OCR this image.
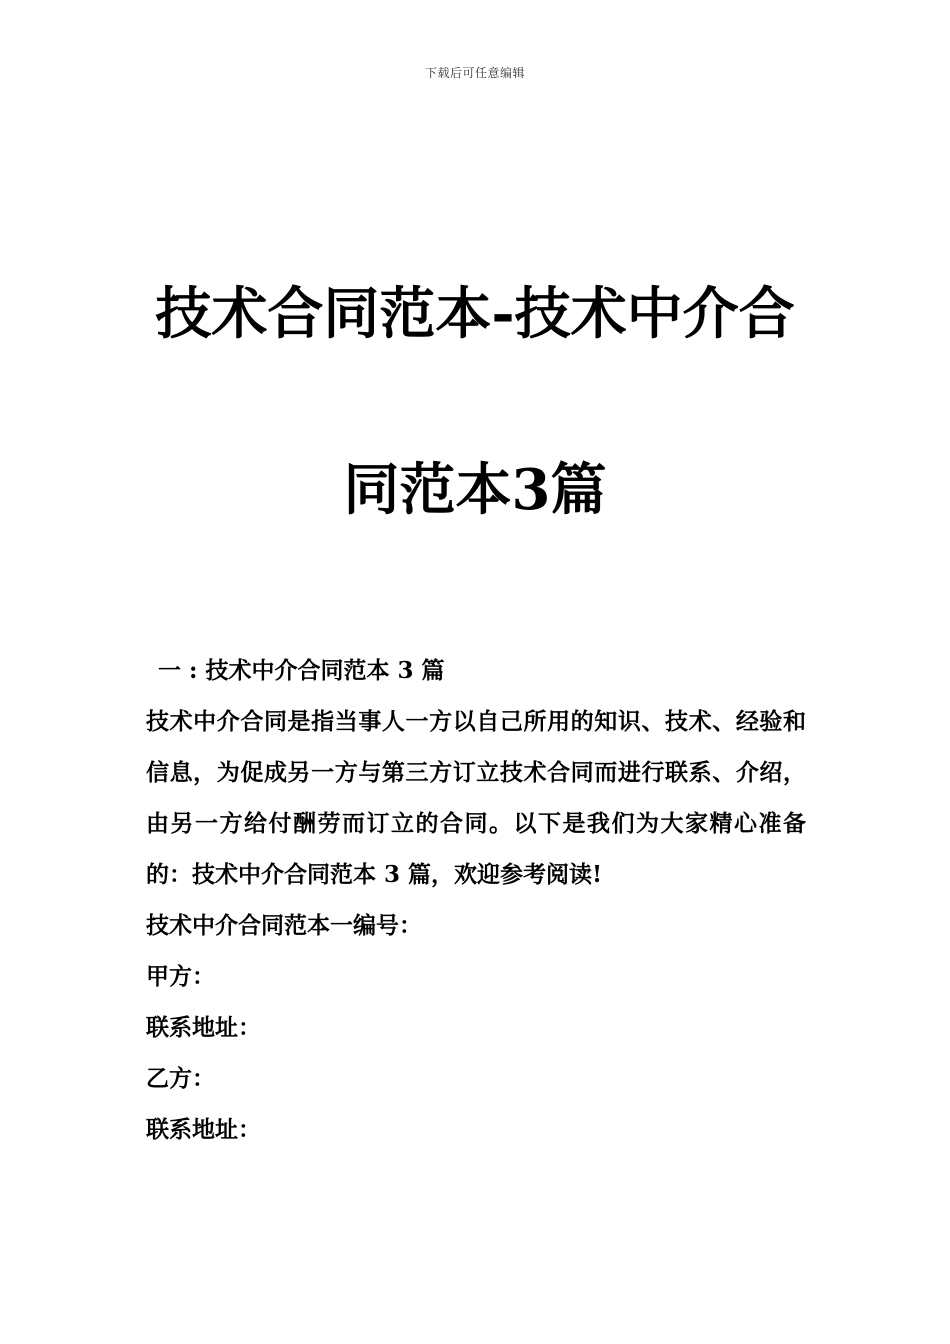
下载后可任意编辑
技术合同范本-技术中介合
同范本3篇

一 : 技术中介合同范本 3 篇

技术中介合同是指当事人一方以自己所用的知识、技术、经验和信息，为促成另一方与第三方订立技术合同而进行联系、介绍，由另一方给付酬劳而订立的合同。以下是我们为大家精心准备的：技术中介合同范本 3 篇，欢迎参考阅读!

技术中介合同范本一编号：

甲方：

联系地址：

乙方：

联系地址：
